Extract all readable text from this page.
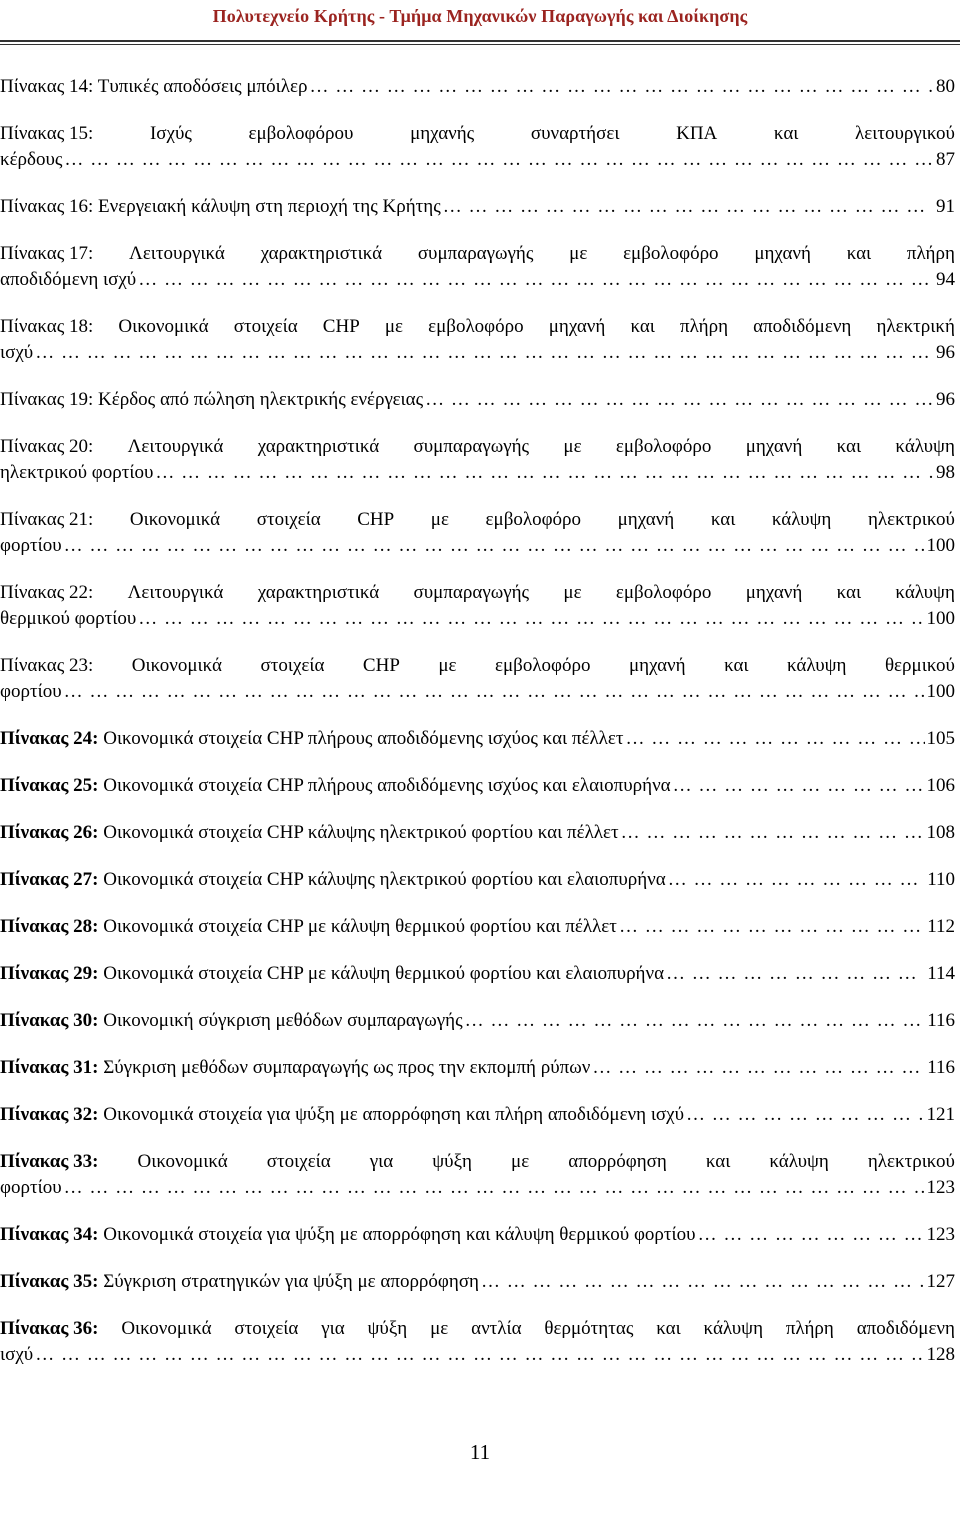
Πολυτεχνείο Κρήτης - Τμήμα Μηχανικών Παραγωγής και Διοίκησης
Πίνακας 14: Τυπικές αποδόσεις μπόιλερ … … … … … … … … … … … … … … … … … … … … … … … … … … … … … … … … … … … … … … … … … … … … … … … … … … … … … … … … … … … … … … … … … … … … … … …	80
Πίνακας 15:	Ισχύς	εμβολοφόρου	μηχανής	συναρτήσει	ΚΠΑ	και	λειτουργικού
κέρδους … … … … … … … … … … … … … … … … … … … … … … … … … … … … … … … … … … … … … … … … … … … … … … … … … … … … … … … … … … … … … … … … … … … … … … …	87
Πίνακας 16: Ενεργειακή κάλυψη στη περιοχή της Κρήτης … … … … … … … … … … … … … … … … … … … … … … … … … … … … … … … … … … … … … … … … … … … … … … … … … … … … … … … … … … … … … … … … … … … … … … …	91
Πίνακας 17: Λειτουργικά χαρακτηριστικά συμπαραγωγής με εμβολοφόρο μηχανή και πλήρη
αποδιδόμενη ισχύ … … … … … … … … … … … … … … … … … … … … … … … … … … … … … … … … … … … … … … … … … … … … … … … … … … … … … … … … … … … … … … … … … … … … … … …	94
Πίνακας 18: Οικονομικά στοιχεία CHP με εμβολοφόρο μηχανή και πλήρη αποδιδόμενη ηλεκτρική
ισχύ … … … … … … … … … … … … … … … … … … … … … … … … … … … … … … … … … … … … … … … … … … … … … … … … … … … … … … … … … … … … … … … … … … … … … … …	96
Πίνακας 19: Κέρδος από πώληση ηλεκτρικής ενέργειας … … … … … … … … … … … … … … … … … … … … … … … … … … … … … … … … … … … … … … … … … … … … … … … … … … … … … … … … … … … … … … … … … … … … … … …	96
Πίνακας 20: Λειτουργικά χαρακτηριστικά συμπαραγωγής με εμβολοφόρο μηχανή και κάλυψη
ηλεκτρικού φορτίου … … … … … … … … … … … … … … … … … … … … … … … … … … … … … … … … … … … … … … … … … … … … … … … … … … … … … … … … … … … … … … … … … … … … … … …	98
Πίνακας 21: Οικονομικά στοιχεία CHP με εμβολοφόρο μηχανή και κάλυψη ηλεκτρικού
φορτίου … … … … … … … … … … … … … … … … … … … … … … … … … … … … … … … … … … … … … … … … … … … … … … … … … … … … … … … … … … … … … … … … … … … … … … …	100
Πίνακας 22: Λειτουργικά χαρακτηριστικά συμπαραγωγής με εμβολοφόρο μηχανή και κάλυψη
θερμικού φορτίου … … … … … … … … … … … … … … … … … … … … … … … … … … … … … … … … … … … … … … … … … … … … … … … … … … … … … … … … … … … … … … … … … … … … … … …	100
Πίνακας 23: Οικονομικά στοιχεία CHP με εμβολοφόρο μηχανή και κάλυψη θερμικού
φορτίου … … … … … … … … … … … … … … … … … … … … … … … … … … … … … … … … … … … … … … … … … … … … … … … … … … … … … … … … … … … … … … … … … … … … … … …	100
Πίνακας 24: Οικονομικά στοιχεία CHP πλήρους αποδιδόμενης ισχύος και πέλλετ … … … … … … … … … … … … … … … … … … … … … … … … … … … … … … … … … … … … … … … … … … … … … … … … … … … … … … … … … … … … … … … … … … … … … … …	105
Πίνακας 25: Οικονομικά στοιχεία CHP πλήρους αποδιδόμενης ισχύος και ελαιοπυρήνα … … … … … … … … … … … … … … … … … … … … … … … … … … … … … … … … … … … … … … … … … … … … … … … … … … … … … … … … … … … … … … … … … … … … … … …	106
Πίνακας 26: Οικονομικά στοιχεία CHP κάλυψης ηλεκτρικού φορτίου και πέλλετ … … … … … … … … … … … … … … … … … … … … … … … … … … … … … … … … … … … … … … … … … … … … … … … … … … … … … … … … … … … … … … … … … … … … … … …	108
Πίνακας 27: Οικονομικά στοιχεία CHP κάλυψης ηλεκτρικού φορτίου και ελαιοπυρήνα … … … … … … … … … … … … … … … … … … … … … … … … … … … … … … … … … … … … … … … … … … … … … … … … … … … … … … … … … … … … … … … … … … … … … … …	110
Πίνακας 28: Οικονομικά στοιχεία CHP με κάλυψη θερμικού φορτίου και πέλλετ … … … … … … … … … … … … … … … … … … … … … … … … … … … … … … … … … … … … … … … … … … … … … … … … … … … … … … … … … … … … … … … … … … … … … … …	112
Πίνακας 29: Οικονομικά στοιχεία CHP με κάλυψη θερμικού φορτίου και ελαιοπυρήνα … … … … … … … … … … … … … … … … … … … … … … … … … … … … … … … … … … … … … … … … … … … … … … … … … … … … … … … … … … … … … … … … … … … … … … …	114
Πίνακας 30: Οικονομική σύγκριση μεθόδων συμπαραγωγής … … … … … … … … … … … … … … … … … … … … … … … … … … … … … … … … … … … … … … … … … … … … … … … … … … … … … … … … … … … … … … … … … … … … … … …	116
Πίνακας 31: Σύγκριση μεθόδων συμπαραγωγής ως προς την εκπομπή ρύπων … … … … … … … … … … … … … … … … … … … … … … … … … … … … … … … … … … … … … … … … … … … … … … … … … … … … … … … … … … … … … … … … … … … … … … …	116
Πίνακας 32: Οικονομικά στοιχεία για ψύξη με απορρόφηση και πλήρη αποδιδόμενη ισχύ … … … … … … … … … … … … … … … … … … … … … … … … … … … … … … … … … … … … … … … … … … … … … … … … … … … … … … … … … … … … … … … … … … … … … … …	121
Πίνακας 33: Οικονομικά στοιχεία για ψύξη με απορρόφηση και κάλυψη ηλεκτρικού
φορτίου … … … … … … … … … … … … … … … … … … … … … … … … … … … … … … … … … … … … … … … … … … … … … … … … … … … … … … … … … … … … … … … … … … … … … … …	123
Πίνακας 34: Οικονομικά στοιχεία για ψύξη με απορρόφηση και κάλυψη θερμικού φορτίου … … … … … … … … … … … … … … … … … … … … … … … … … … … … … … … … … … … … … … … … … … … … … … … … … … … … … … … … … … … … … … … … … … … … … … …	123
Πίνακας 35: Σύγκριση στρατηγικών για ψύξη με απορρόφηση … … … … … … … … … … … … … … … … … … … … … … … … … … … … … … … … … … … … … … … … … … … … … … … … … … … … … … … … … … … … … … … … … … … … … … …	127
Πίνακας 36: Οικονομικά στοιχεία για ψύξη με αντλία θερμότητας και κάλυψη πλήρη αποδιδόμενη
ισχύ … … … … … … … … … … … … … … … … … … … … … … … … … … … … … … … … … … … … … … … … … … … … … … … … … … … … … … … … … … … … … … … … … … … … … … …	128
11
